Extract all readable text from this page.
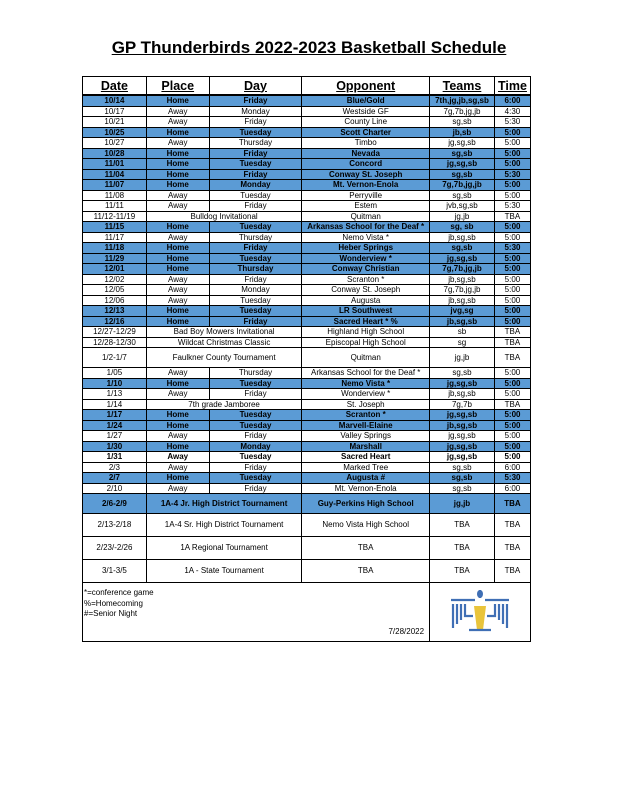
GP Thunderbirds 2022-2023 Basketball Schedule
Date	Place	Day	Opponent	Teams	Time
10/14	Home	Friday	Blue/Gold	7th,jg,jb,sg,sb	6:00
10/17	Away	Monday	Westside GF	7g,7b,jg,jb	4:30
10/21	Away	Friday	County Line	sg,sb	5:30
10/25	Home	Tuesday	Scott Charter	jb,sb	5:00
10/27	Away	Thursday	Timbo	jg,sg,sb	5:00
10/28	Home	Friday	Nevada	sg,sb	5:00
11/01	Home	Tuesday	Concord	jg,sg,sb	5:00
11/04	Home	Friday	Conway St. Joseph	sg,sb	5:30
11/07	Home	Monday	Mt. Vernon-Enola	7g,7b,jg,jb	5:00
11/08	Away	Tuesday	Perryville	sg,sb	5:00
11/11	Away	Friday	Estem	jvb,sg,sb	5:30
11/12-11/19	Bulldog Invitational		Quitman	jg,jb	TBA
11/15	Home	Tuesday	Arkansas School for the Deaf *	sg, sb	5:00
11/17	Away	Thursday	Nemo Vista *	jb,sg,sb	5:00
11/18	Home	Friday	Heber Springs	sg,sb	5:30
11/29	Home	Tuesday	Wonderview *	jg,sg,sb	5:00
12/01	Home	Thursday	Conway Christian	7g,7b,jg,jb	5:00
12/02	Away	Friday	Scranton *	jb,sg,sb	5:00
12/05	Away	Monday	Conway St. Joseph	7g,7b,jg,jb	5:00
12/06	Away	Tuesday	Augusta	jb,sg,sb	5:00
12/13	Home	Tuesday	LR Southwest	jvg,sg	5:00
12/16	Home	Friday	Sacred Heart * %	jb,sg,sb	5:00
12/27-12/29	Bad Boy Mowers Invitational		Highland High School	sb	TBA
12/28-12/30	Wildcat Christmas Classic		Episcopal High School	sg	TBA
1/2-1/7	Faulkner County Tournament		Quitman	jg,jb	TBA
1/05	Away	Thursday	Arkansas School for the Deaf *	sg,sb	5:00
1/10	Home	Tuesday	Nemo Vista *	jg,sg,sb	5:00
1/13	Away	Friday	Wonderview *	jb,sg,sb	5:00
1/14	7th grade Jamboree		St. Joseph	7g,7b	TBA
1/17	Home	Tuesday	Scranton *	jg,sg,sb	5:00
1/24	Home	Tuesday	Marvell-Elaine	jb,sg,sb	5:00
1/27	Away	Friday	Valley Springs	jg,sg,sb	5:00
1/30	Home	Monday	Marshall	jg,sg,sb	5:00
1/31	Away	Tuesday	Sacred Heart	jg,sg,sb	5:00
2/3	Away	Friday	Marked Tree	sg,sb	6:00
2/7	Home	Tuesday	Augusta #	sg,sb	5:30
2/10	Away	Friday	Mt. Vernon-Enola	sg,sb	6:00
2/6-2/9	1A-4 Jr. High District Tournament		Guy-Perkins High School	jg,jb	TBA
2/13-2/18	1A-4 Sr. High District Tournament		Nemo Vista High School	TBA	TBA
2/23/-2/26	1A Regional Tournament		TBA	TBA	TBA
3/1-3/5	1A - State Tournament		TBA	TBA	TBA

*=conference game
%=Homecoming
#=Senior Night
7/28/2022
